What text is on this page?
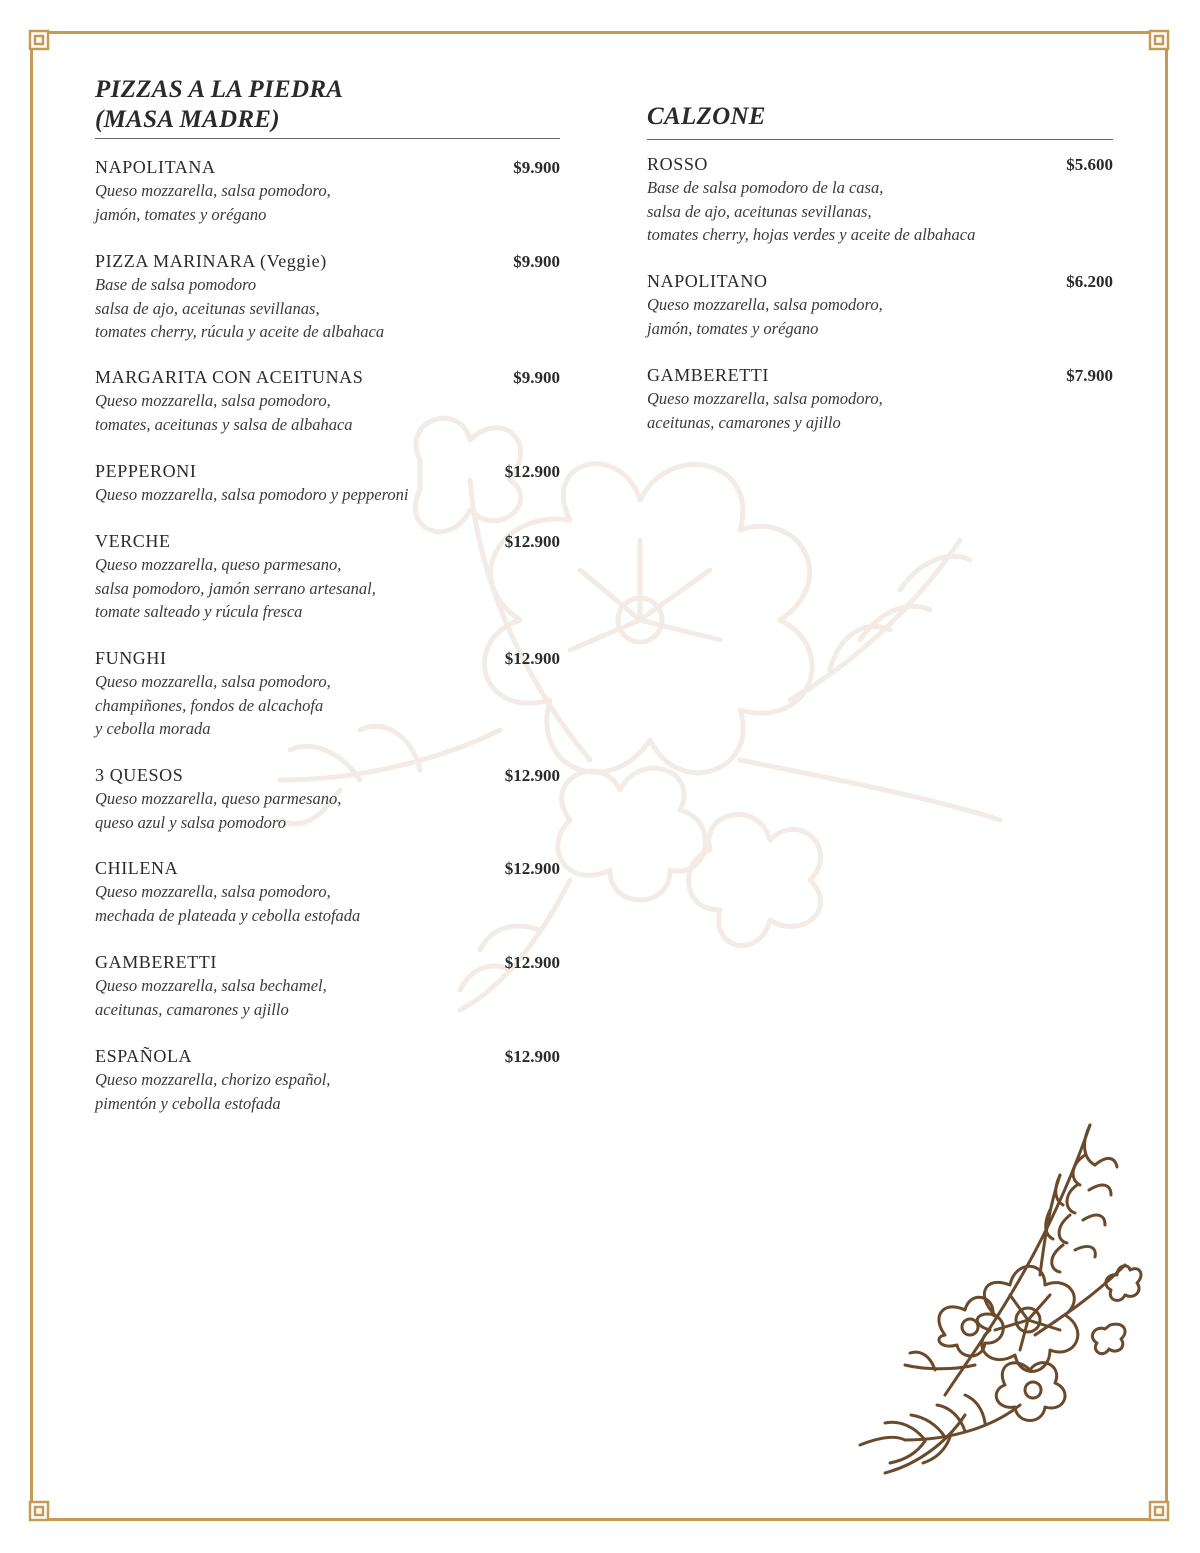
PIZZAS A LA PIEDRA
(MASA MADRE)
NAPOLITANA	$9.900
Queso mozzarella, salsa pomodoro,
jamón, tomates y orégano
PIZZA MARINARA (Veggie)	$9.900
Base de salsa pomodoro
salsa de ajo, aceitunas sevillanas,
tomates cherry, rúcula y aceite de albahaca
MARGARITA CON ACEITUNAS	$9.900
Queso mozzarella, salsa pomodoro,
tomates, aceitunas y salsa de albahaca
PEPPERONI	$12.900
Queso mozzarella, salsa pomodoro y pepperoni
VERCHE	$12.900
Queso mozzarella, queso parmesano,
salsa pomodoro, jamón serrano artesanal,
tomate salteado y rúcula fresca
FUNGHI	$12.900
Queso mozzarella, salsa pomodoro,
champiñones, fondos de alcachofa
y cebolla morada
3 QUESOS	$12.900
Queso mozzarella, queso parmesano,
queso azul y salsa pomodoro
CHILENA	$12.900
Queso mozzarella, salsa pomodoro,
mechada de plateada y cebolla estofada
GAMBERETTI	$12.900
Queso mozzarella, salsa bechamel,
aceitunas, camarones y ajillo
ESPAÑOLA	$12.900
Queso mozzarella, chorizo español,
pimentón y cebolla estofada
CALZONE
ROSSO	$5.600
Base de salsa pomodoro de la casa,
salsa de ajo, aceitunas sevillanas,
tomates cherry, hojas verdes y aceite de albahaca
NAPOLITANO	$6.200
Queso mozzarella, salsa pomodoro,
jamón, tomates y orégano
GAMBERETTI	$7.900
Queso mozzarella, salsa pomodoro,
aceitunas, camarones y ajillo
